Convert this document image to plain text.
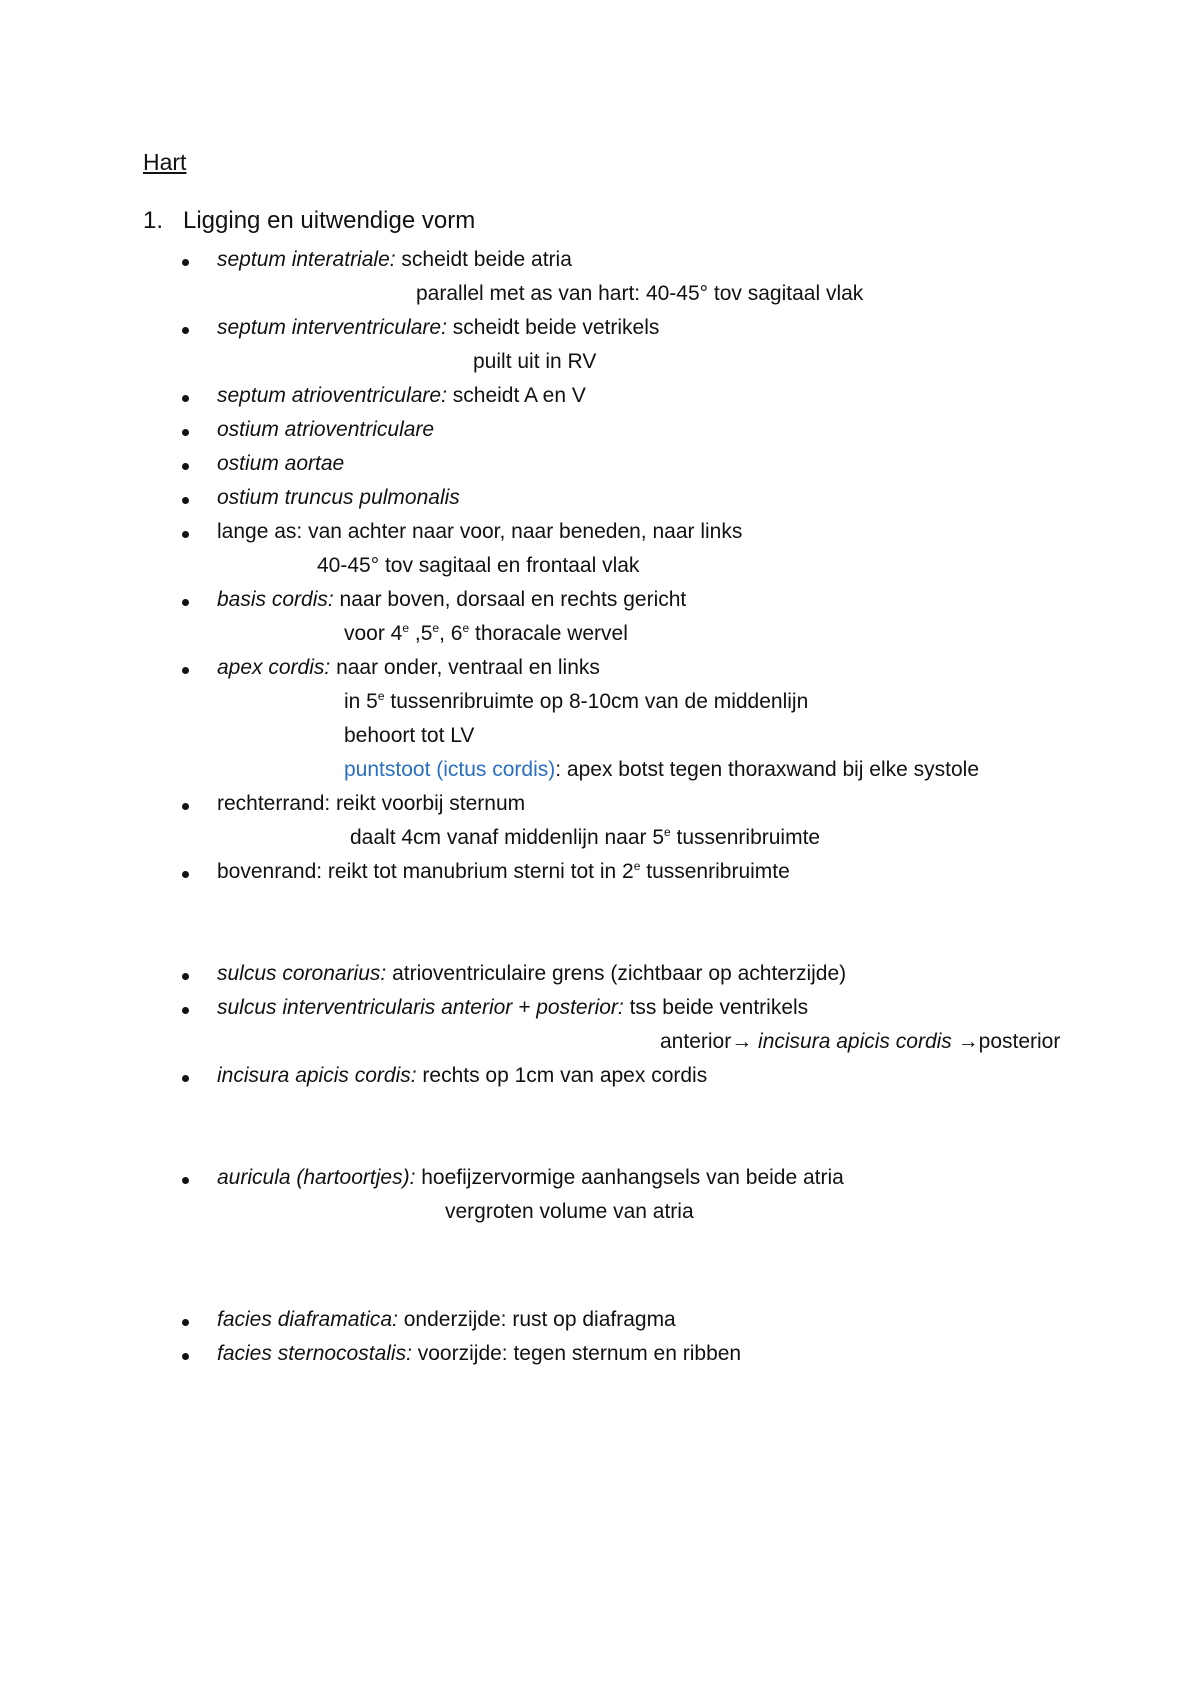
Hart
1. Ligging en uitwendige vorm
septum interatriale: scheidt beide atria
parallel met as van hart: 40-45° tov sagitaal vlak
septum interventriculare: scheidt beide vetrikels
puilt uit in RV
septum atrioventriculare: scheidt A en V
ostium atrioventriculare
ostium aortae
ostium truncus pulmonalis
lange as: van achter naar voor, naar beneden, naar links
40-45° tov sagitaal en frontaal vlak
basis cordis: naar boven, dorsaal en rechts gericht
voor 4e ,5e, 6e thoracale wervel
apex cordis: naar onder, ventraal en links
in 5e tussenribruimte op 8-10cm van de middenlijn
behoort tot LV
puntstoot (ictus cordis): apex botst tegen thoraxwand bij elke systole
rechterrand: reikt voorbij sternum
daalt 4cm vanaf middenlijn naar 5e tussenribruimte
bovenrand: reikt tot manubrium sterni tot in 2e tussenribruimte
sulcus coronarius: atrioventriculaire grens (zichtbaar op achterzijde)
sulcus interventricularis anterior + posterior: tss beide ventrikels
anterior→ incisura apicis cordis →posterior
incisura apicis cordis: rechts op 1cm van apex cordis
auricula (hartoortjes): hoefijzervormige aanhangsels van beide atria
vergroten volume van atria
facies diaframatica: onderzijde: rust op diafragma
facies sternocostalis: voorzijde: tegen sternum en ribben
